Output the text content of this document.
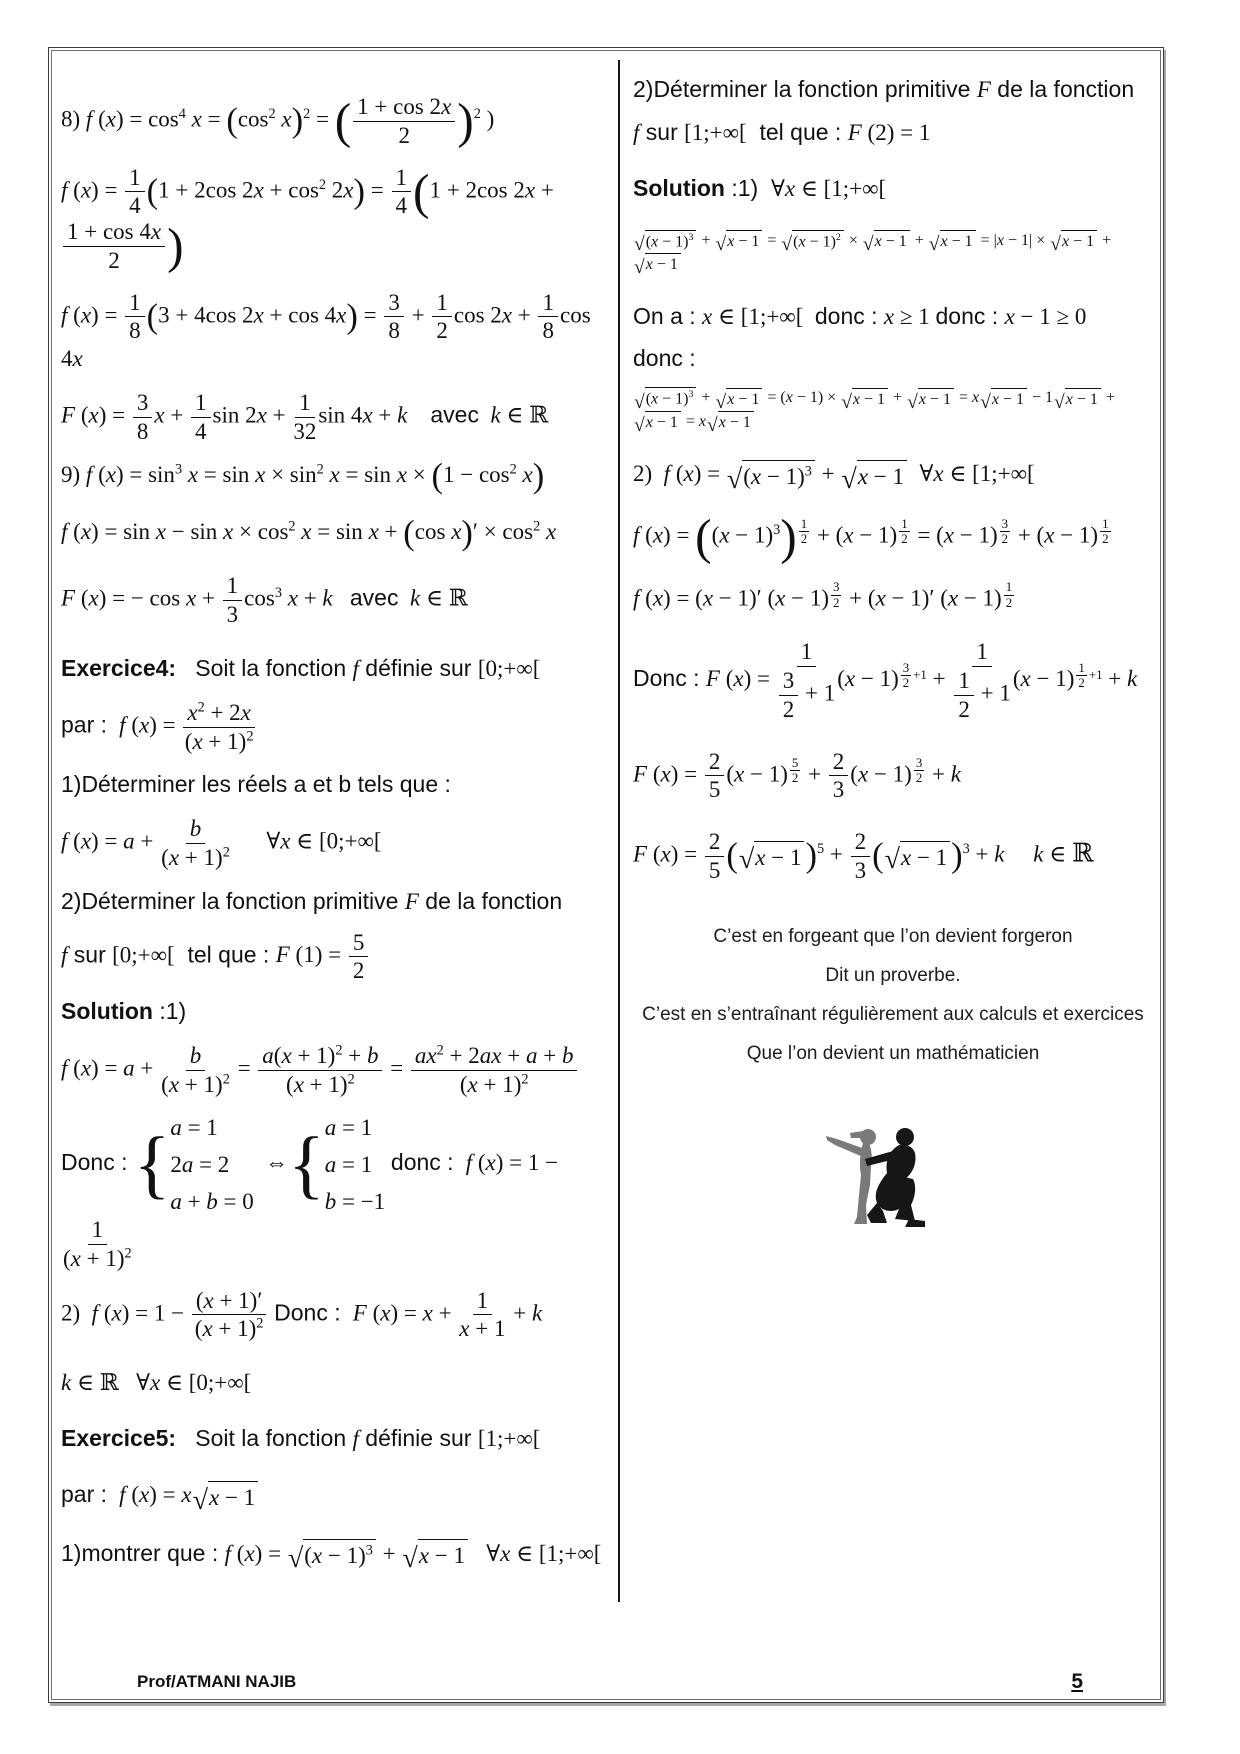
8) f $(x) = \cos^4 x = (\cos^2$ x)$^2$ = ( $\frac{1 + \cos 2x}{2} )^2$ )
f $(x) = \frac{1}{4} (1 + 2\cos$ $2x + \cos^2 2x) = \frac{1}{4} (1 + 2\cos$ 2x +
$\frac{1 + \cos 4x}{2}$ )
f $(x) = \frac{1}{8} (3 + 4\cos$ $2x + \cos 4x) = \frac{3}{8} + \frac{1}{2}$ $\cos 2x + \frac{1}{8}$ cos 4x
F $(x) = \frac{3}{8}$ $x + \frac{1}{4}$ $\sin 2x + \frac{1}{32}$ sin 4x + k avec k ∈ ℝ
9) f $(x) = \sin^3 x = \sin x \times \sin^2 x = \sin x \times (1 - \cos^2 x)$
f $(x) = \sin x - \sin x \times \cos^2 x = \sin x + (\cos$ $x)' \times \cos^2 x$
F (x) = − $\cos x + \frac{1}{3} \cos^3 x + k$ avec k ∈ ℝ
Exercice4:   Soit la fonction f définie sur [0;+∞[
par :  f $(x) = \frac{x^2 + 2x}{(x + 1)^2}$
1)Déterminer les réels a et b tels que :
f $(x) = a + \frac{b}{(x + 1)^2}$ ∀x ∈ [0;+∞[
2)Déterminer la fonction primitive F de la fonction
f sur [0;+∞[  tel que : F $(1) = \frac{5}{2}$
Solution :1)
f $(x) = a + \frac{b}{(x + 1)^2} = \frac{a(x + 1)^2 + b}{(x + 1)^2} = \frac{ax^2 + 2ax + a + b}{(x + 1)^2}$
Donc : { a = 1
2a = 2
a + b = 0
⇔{ a = 1
a = 1
b = −1
donc :  f (x) = 1 −
$\frac{1}{(x + 1)^2}$
2)  f $(x) = 1 - \frac{(x + 1)'}{(x + 1)^2}$ Donc :  F $(x) = x + \frac{1}{x + 1} + k$
k ∈ ℝ   ∀x ∈ [0;+∞[
Exercice5:   Soit la fonction f définie sur [1;+∞[
par :  f (x) = x √ x − 1
1)montrer que : f (x) = √ $(x - 1)^3$ + √ x − 1 ∀x ∈ [1;+∞[
2)Déterminer la fonction primitive F de la fonction
f sur [1;+∞[  tel que : F (2) = 1
Solution :1)  ∀x ∈ [1;+∞[
√ $(x - 1)^3$ + √ x − 1 = √ $(x - 1)^2$ × √ x − 1 + √ x − 1 = |x − 1| × √ x − 1 +
√ x − 1
On a : x ∈ [1;+∞[  donc : x ≥ 1 donc : x − 1 ≥ 0
donc :
√ $(x - 1)^3$ + √ x − 1 = (x − 1) × √ x − 1 + √ x − 1 = x √ x − 1 − 1 √ x − 1 +
√ x − 1 = x √ x − 1
2)  f (x) = √ $(x - 1)^3$ + √ x − 1 ∀x ∈ [1;+∞[
f $(x) = ((x - 1)^3)$ $^{\frac{1}{2}}$ + (x − 1) $^{\frac{1}{2}}$ = (x − 1) $^{\frac{3}{2}}$ + (x − 1) $^{\frac{1}{2}}$
f (x) = (x − 1)′ (x − 1) $^{\frac{3}{2}}$ + (x − 1)′ (x − 1) $^{\frac{1}{2}}$
Donc : F $(x) = \frac{1}{\frac{3}{2} + 1} (x - 1) ^{\frac{3}{2} +1} + \frac{1}{\frac{1}{2} + 1} (x - 1) ^{\frac{1}{2} +1} + k$
F $(x) = \frac{2}{5} (x - 1) ^{\frac{5}{2}} + \frac{2}{3} (x - 1) ^{\frac{3}{2}} + k$
F $(x) = \frac{2}{5}$ ( √ x − 1 )$^5 + \frac{2}{3}$ ( √ x − 1 )$^3$ + k k ∈ ℝ

C’est en forgeant que l’on devient forgeron

Dit un proverbe.

C’est en s’entraînant régulièrement aux calculs et exercices

Que l’on devient un mathématicien

Prof/ATMANI NAJIB	5
